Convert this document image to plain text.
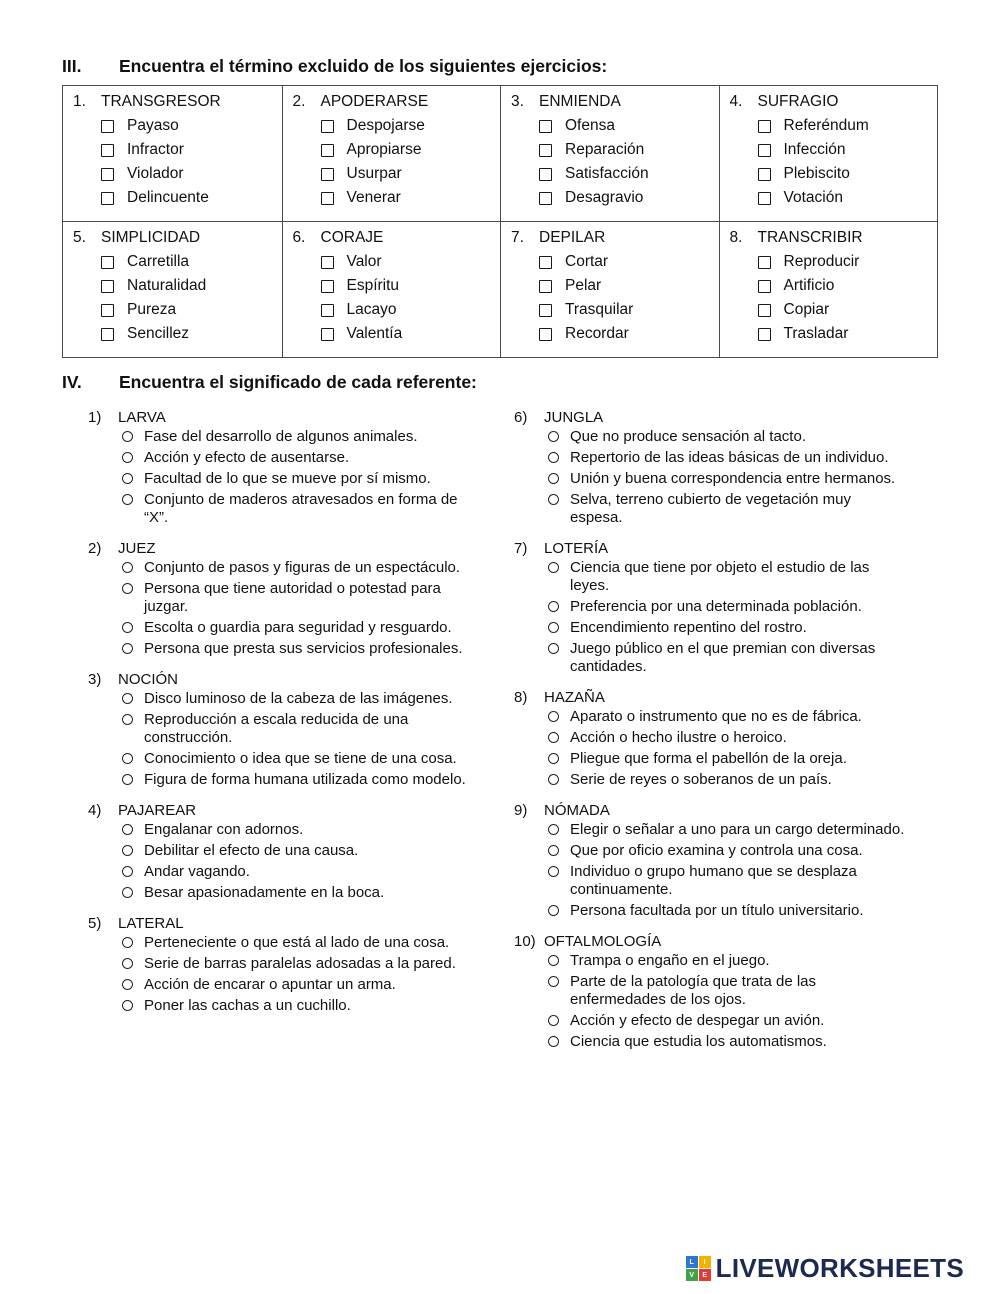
III.	Encuentra el término excluido de los siguientes ejercicios:
1. TRANSGRESOR
Payaso
Infractor
Violador
Delincuente
2. APODERARSE
Despojarse
Apropiarse
Usurpar
Venerar
3. ENMIENDA
Ofensa
Reparación
Satisfacción
Desagravio
4. SUFRAGIO
Referéndum
Infección
Plebiscito
Votación
5. SIMPLICIDAD
Carretilla
Naturalidad
Pureza
Sencillez
6. CORAJE
Valor
Espíritu
Lacayo
Valentía
7. DEPILAR
Cortar
Pelar
Trasquilar
Recordar
8. TRANSCRIBIR
Reproducir
Artificio
Copiar
Trasladar
IV.	Encuentra el significado de cada referente:
1)	LARVA
Fase del desarrollo de algunos animales.
Acción y efecto de ausentarse.
Facultad de lo que se mueve por sí mismo.
Conjunto de maderos atravesados en forma de “X”.
2)	JUEZ
Conjunto de pasos y figuras de un espectáculo.
Persona que tiene autoridad o potestad para juzgar.
Escolta o guardia para seguridad y resguardo.
Persona que presta sus servicios profesionales.
3)	NOCIÓN
Disco luminoso de la cabeza de las imágenes.
Reproducción a escala reducida de una construcción.
Conocimiento o idea que se tiene de una cosa.
Figura de forma humana utilizada como modelo.
4)	PAJAREAR
Engalanar con adornos.
Debilitar el efecto de una causa.
Andar vagando.
Besar apasionadamente en la boca.
5)	LATERAL
Perteneciente o que está al lado de una cosa.
Serie de barras paralelas adosadas a la pared.
Acción de encarar o apuntar un arma.
Poner las cachas a un cuchillo.
6)	JUNGLA
Que no produce sensación al tacto.
Repertorio de las ideas básicas de un individuo.
Unión y buena correspondencia entre hermanos.
Selva, terreno cubierto de vegetación muy espesa.
7)	LOTERÍA
Ciencia que tiene por objeto el estudio de las leyes.
Preferencia por una determinada población.
Encendimiento repentino del rostro.
Juego público en el que premian con diversas cantidades.
8)	HAZAÑA
Aparato o instrumento que no es de fábrica.
Acción o hecho ilustre o heroico.
Pliegue que forma el pabellón de la oreja.
Serie de reyes o soberanos de un país.
9)	NÓMADA
Elegir o señalar a uno para un cargo determinado.
Que por oficio examina y controla una cosa.
Individuo o grupo humano que se desplaza continuamente.
Persona facultada por un título universitario.
10) OFTALMOLOGÍA
Trampa o engaño en el juego.
Parte de la patología que trata de las enfermedades de los ojos.
Acción y efecto de despegar un avión.
Ciencia que estudia los automatismos.
L	I
V	E LIVEWORKSHEETS
